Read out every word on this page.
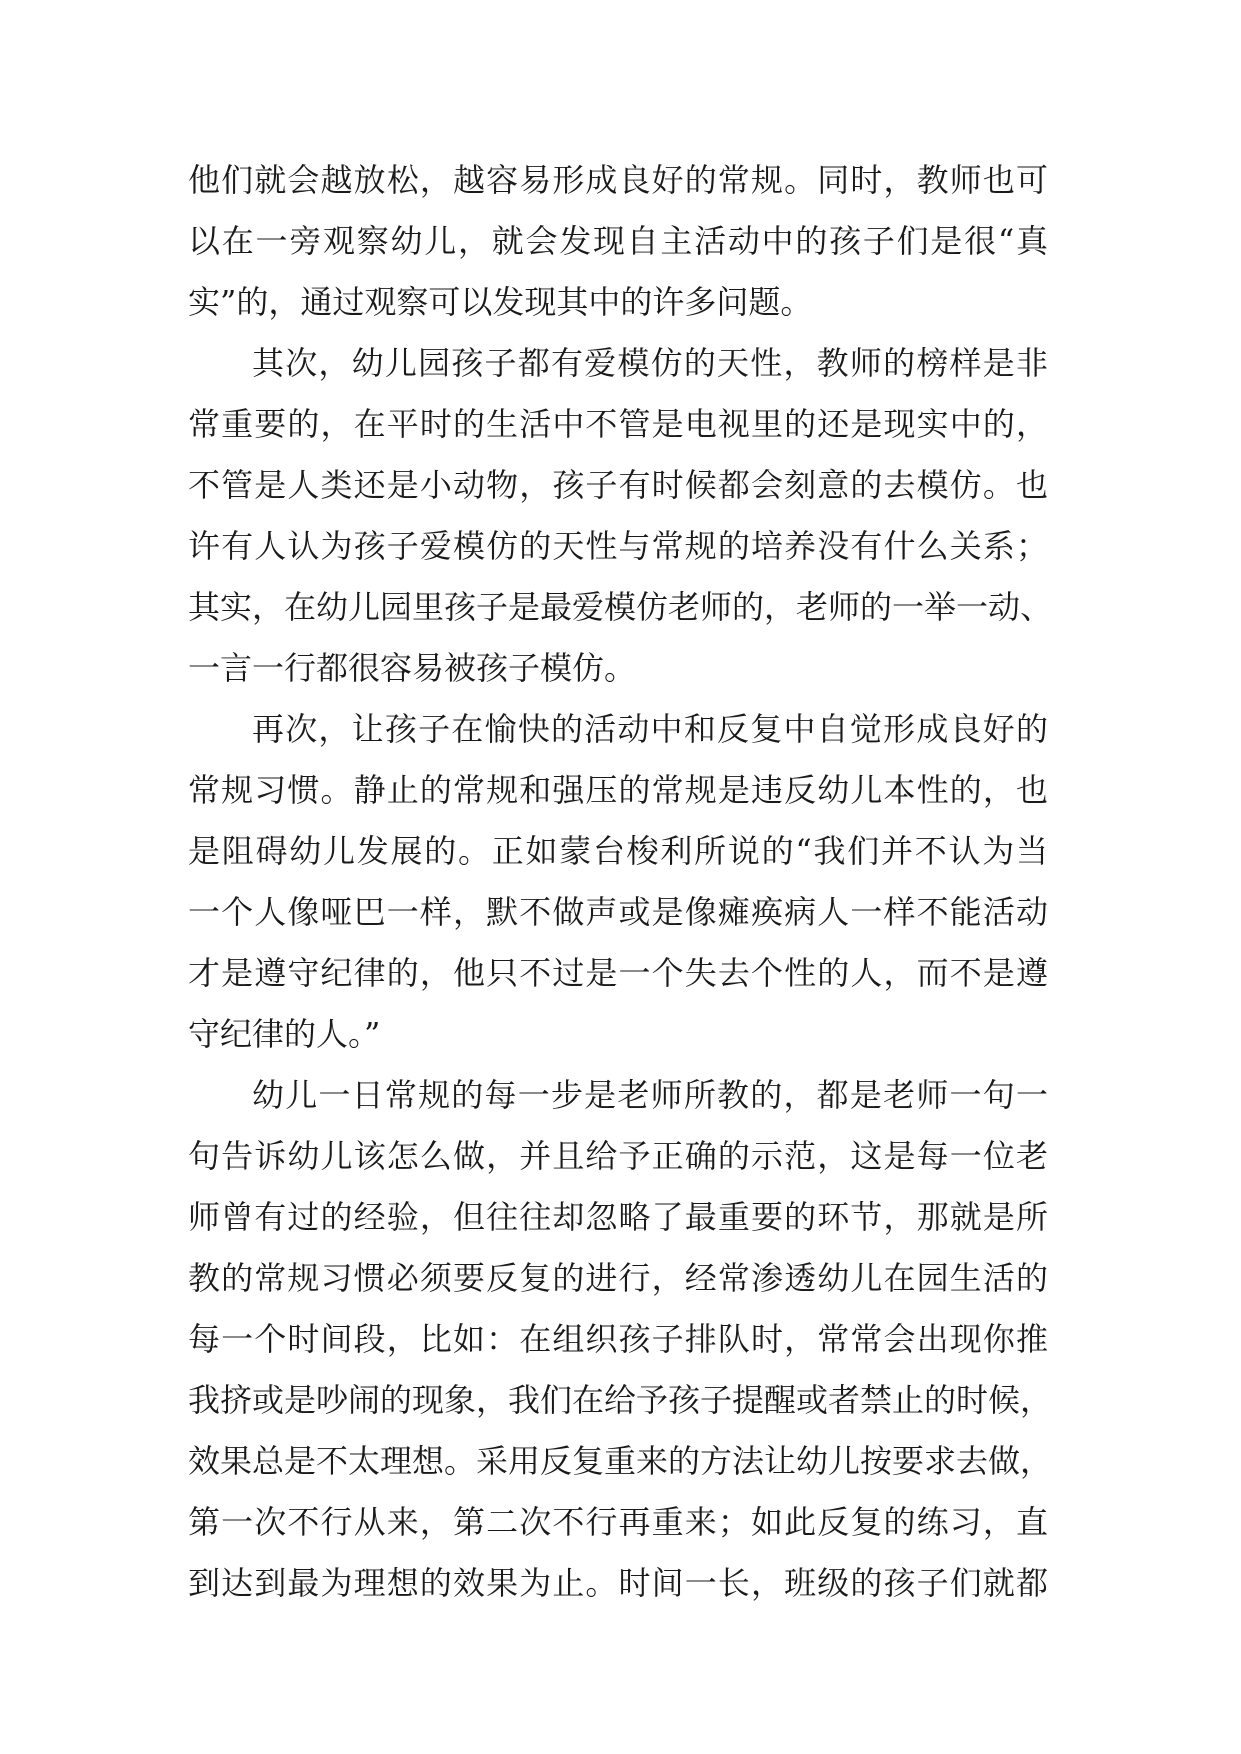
他们就会越放松，越容易形成良好的常规。同时，教师也可
以在一旁观察幼儿，就会发现自主活动中的孩子们是很“真
实”的，通过观察可以发现其中的许多问题。
其次，幼儿园孩子都有爱模仿的天性，教师的榜样是非
常重要的，在平时的生活中不管是电视里的还是现实中的，
不管是人类还是小动物，孩子有时候都会刻意的去模仿。也
许有人认为孩子爱模仿的天性与常规的培养没有什么关系；
其实，在幼儿园里孩子是最爱模仿老师的，老师的一举一动、
一言一行都很容易被孩子模仿。
再次，让孩子在愉快的活动中和反复中自觉形成良好的
常规习惯。静止的常规和强压的常规是违反幼儿本性的，也
是阻碍幼儿发展的。正如蒙台梭利所说的“我们并不认为当
一个人像哑巴一样，默不做声或是像瘫痪病人一样不能活动
才是遵守纪律的，他只不过是一个失去个性的人，而不是遵
守纪律的人。”
幼儿一日常规的每一步是老师所教的，都是老师一句一
句告诉幼儿该怎么做，并且给予正确的示范，这是每一位老
师曾有过的经验，但往往却忽略了最重要的环节，那就是所
教的常规习惯必须要反复的进行，经常渗透幼儿在园生活的
每一个时间段，比如：在组织孩子排队时，常常会出现你推
我挤或是吵闹的现象，我们在给予孩子提醒或者禁止的时候，
效果总是不太理想。采用反复重来的方法让幼儿按要求去做，
第一次不行从来，第二次不行再重来；如此反复的练习，直
到达到最为理想的效果为止。时间一长，班级的孩子们就都
